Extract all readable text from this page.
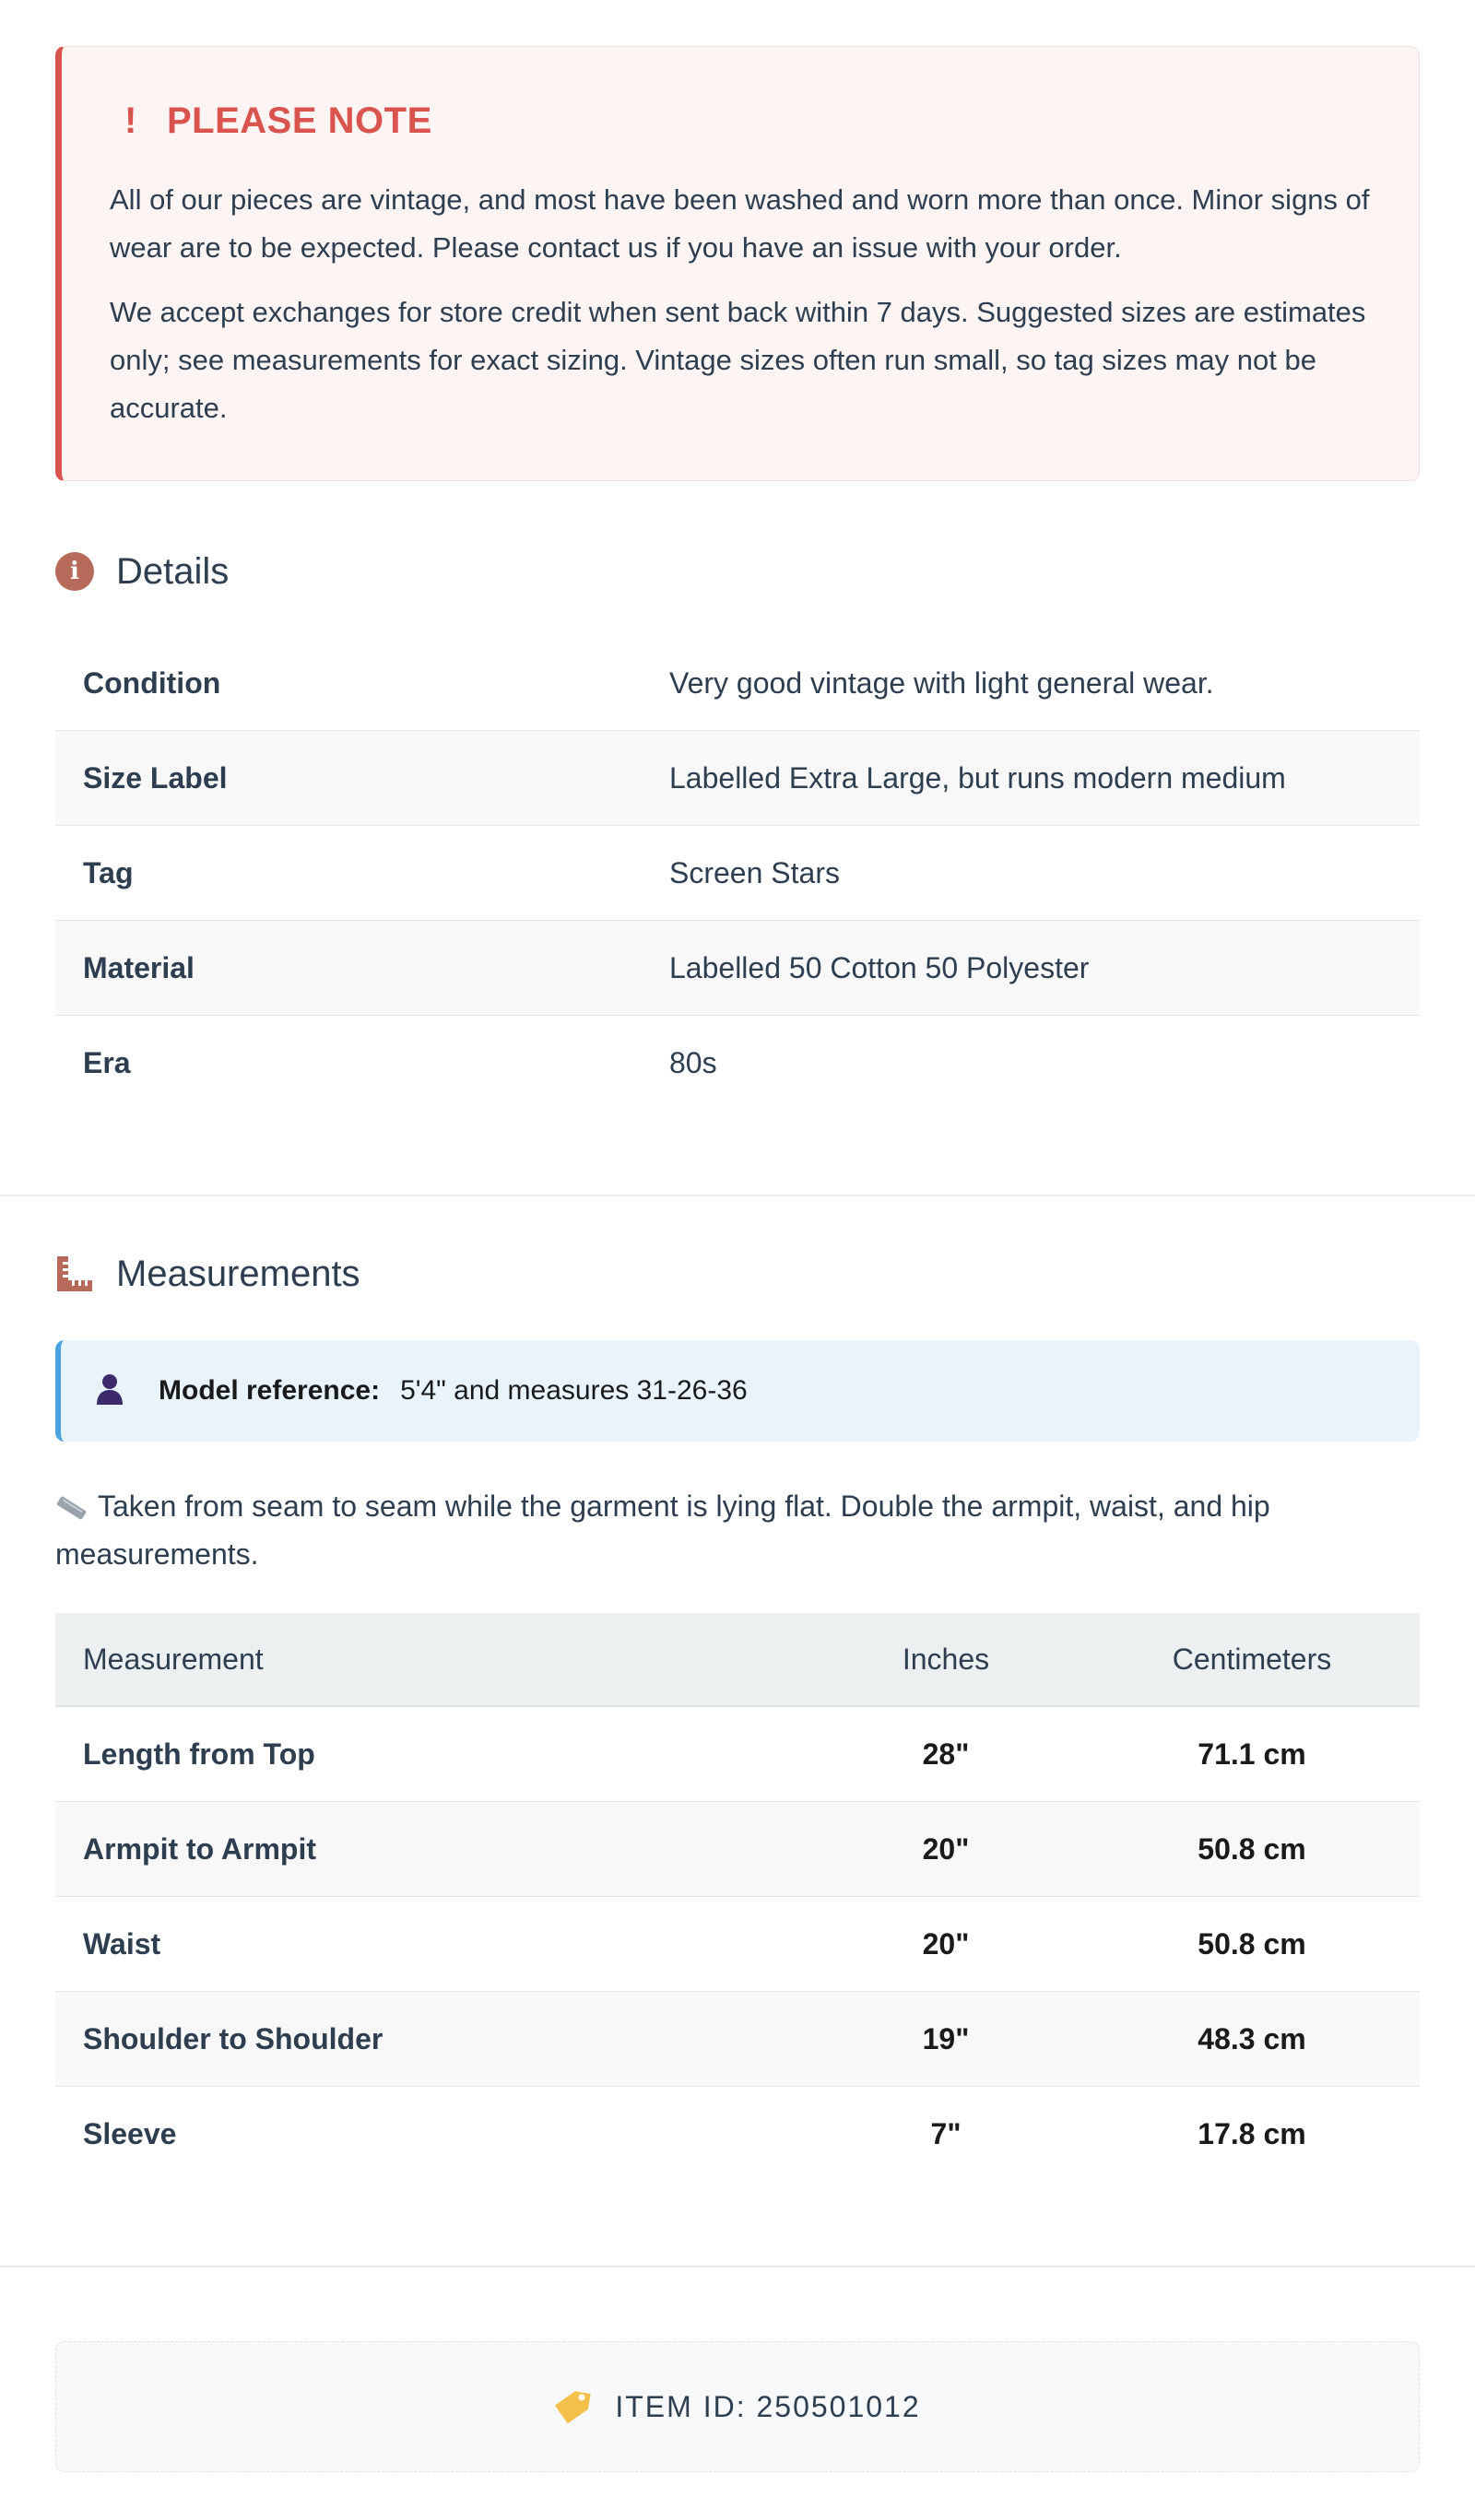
! PLEASE NOTE

All of our pieces are vintage, and most have been washed and worn more than once. Minor signs of wear are to be expected. Please contact us if you have an issue with your order.

We accept exchanges for store credit when sent back within 7 days. Suggested sizes are estimates only; see measurements for exact sizing. Vintage sizes often run small, so tag sizes may not be accurate.

i	Details
Condition	Very good vintage with light general wear.
Size Label	Labelled Extra Large, but runs modern medium
Tag	Screen Stars
Material	Labelled 50 Cotton 50 Polyester
Era	80s
Measurements
Model reference: 5'4" and measures 31-26-36
Taken from seam to seam while the garment is lying flat. Double the armpit, waist, and hip measurements.
Measurement	Inches	Centimeters
Length from Top	28"	71.1 cm
Armpit to Armpit	20"	50.8 cm
Waist	20"	50.8 cm
Shoulder to Shoulder	19"	48.3 cm
Sleeve	7"	17.8 cm
ITEM ID: 250501012
